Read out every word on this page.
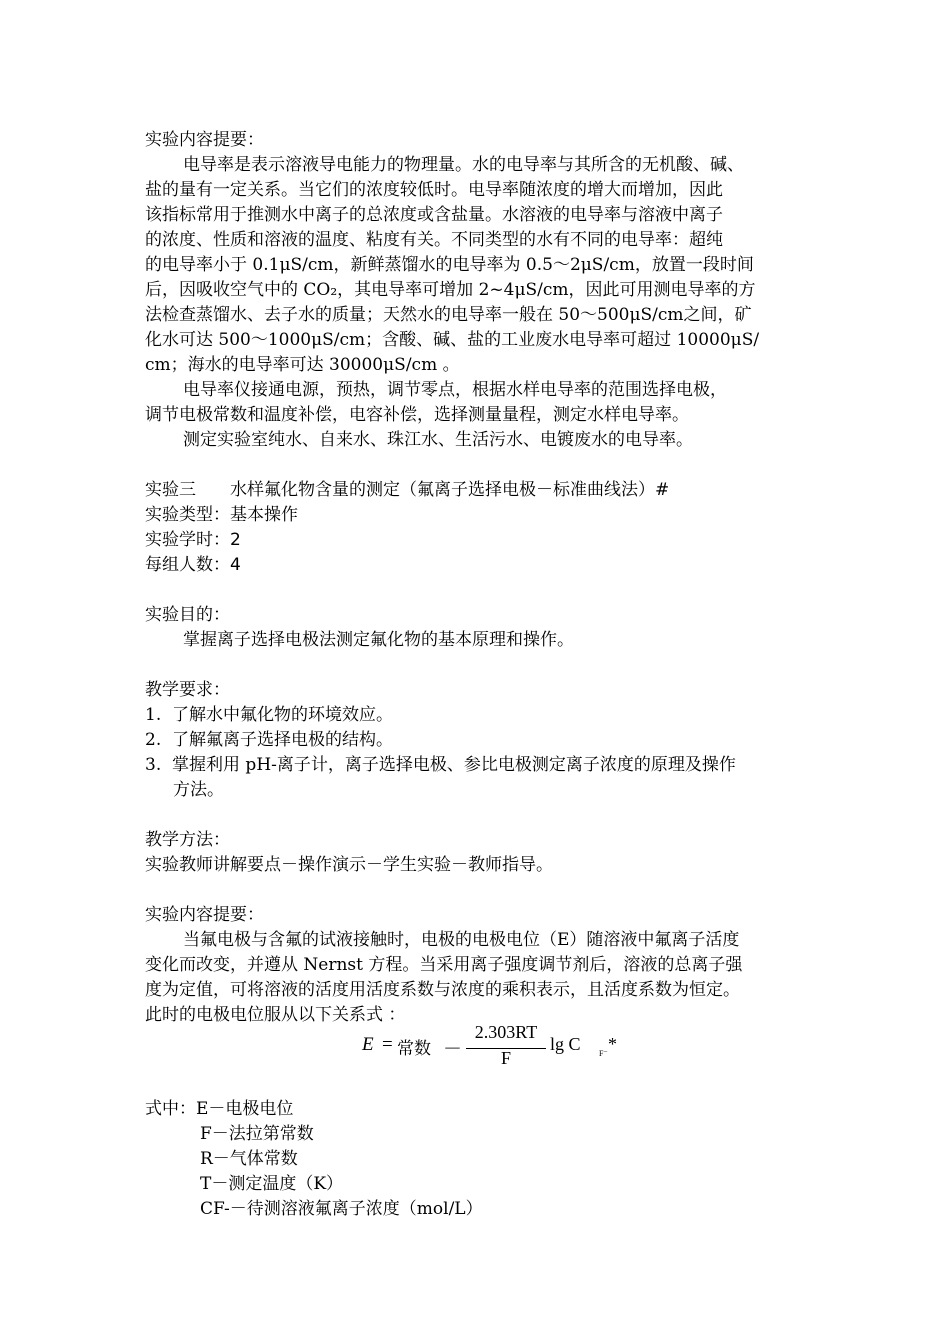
实验内容提要：
电导率是表示溶液导电能力的物理量。水的电导率与其所含的无机酸、碱、
盐的量有一定关系。当它们的浓度较低时。电导率随浓度的增大而增加，因此
该指标常用于推测水中离子的总浓度或含盐量。水溶液的电导率与溶液中离子
的浓度、性质和溶液的温度、粘度有关。不同类型的水有不同的电导率：超纯
的电导率小于 0.1μS/cm，新鲜蒸馏水的电导率为 0.5～2μS/cm，放置一段时间
后，因吸收空气中的 CO₂，其电导率可增加 2~4μS/cm，因此可用测电导率的方
法检查蒸馏水、去子水的质量；天然水的电导率一般在 50～500μS/cm之间，矿
化水可达 500～1000μS/cm；含酸、碱、盐的工业废水电导率可超过 10000μS/
cm；海水的电导率可达 30000μS/cm 。
电导率仪接通电源，预热，调节零点，根据水样电导率的范围选择电极，
调节电极常数和温度补偿，电容补偿，选择测量量程，测定水样电导率。
测定实验室纯水、自来水、珠江水、生活污水、电镀废水的电导率。
实验三　　水样氟化物含量的测定（氟离子选择电极－标准曲线法）#
实验类型：基本操作
实验学时：2
每组人数：4
实验目的：
掌握离子选择电极法测定氟化物的基本原理和操作。
教学要求：
1.  了解水中氟化物的环境效应。
2.  了解氟离子选择电极的结构。
3.  掌握利用 pH-离子计，离子选择电极、参比电极测定离子浓度的原理及操作
方法。
教学方法：
实验教师讲解要点－操作演示－学生实验－教师指导。
实验内容提要：
当氟电极与含氟的试液接触时，电极的电极电位（E）随溶液中氟离子活度
变化而改变，并遵从 Nernst 方程。当采用离子强度调节剂后，溶液的总离子强
度为定值，可将溶液的活度用活度系数与浓度的乘积表示，且活度系数为恒定。
此时的电极电位服从以下关系式 ：
E = 常数 －
2.303RT
F
lg C F⁻ *
式中：E－电极电位
F－法拉第常数
R－气体常数
T－测定温度（K）
CF-－待测溶液氟离子浓度（mol/L）
